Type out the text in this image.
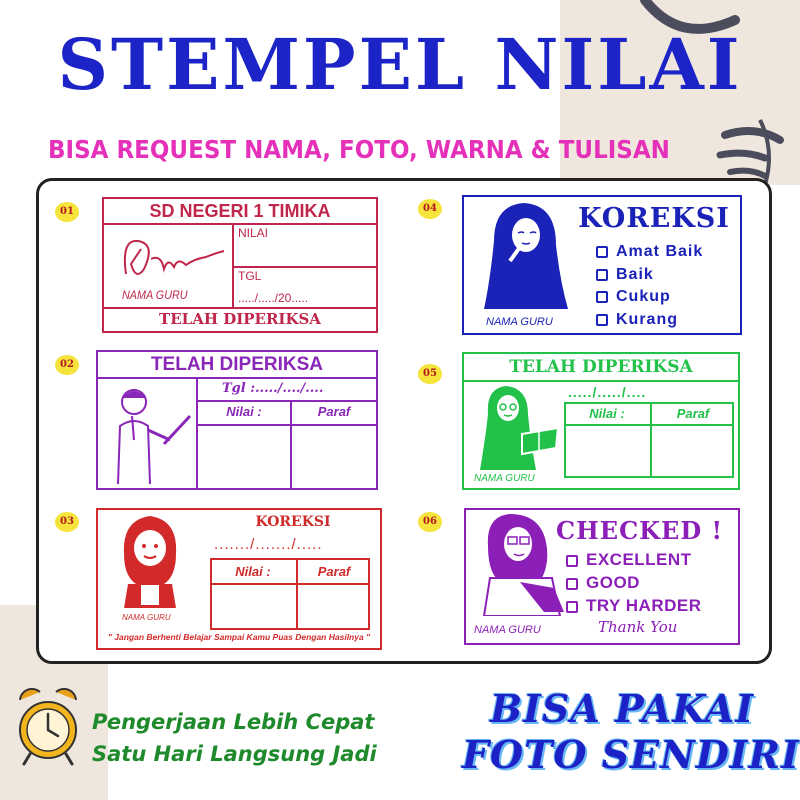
STEMPEL NILAI
BISA REQUEST NAMA, FOTO, WARNA & TULISAN
01
02
03
04
05
06
SD NEGERI 1 TIMIKA
NILAI
TGL
...../...../20.....
NAMA GURU
TELAH DIPERIKSA
TELAH DIPERIKSA
Tgl :...../..../....
Nilai :	Paraf
KOREKSI
......./......./.....
Nilai :	Paraf
NAMA GURU
" Jangan Berhenti Belajar Sampai Kamu Puas Dengan Hasilnya "
NAMA GURU
KOREKSI
Amat Baik
Baik
Cukup
Kurang
TELAH DIPERIKSA
...../...../....
Nilai :	Paraf
NAMA GURU
NAMA GURU
CHECKED !
EXCELLENT
GOOD
TRY HARDER
Thank You
Pengerjaan Lebih Cepat
Satu Hari Langsung Jadi
BISA PAKAI
FOTO SENDIRI
